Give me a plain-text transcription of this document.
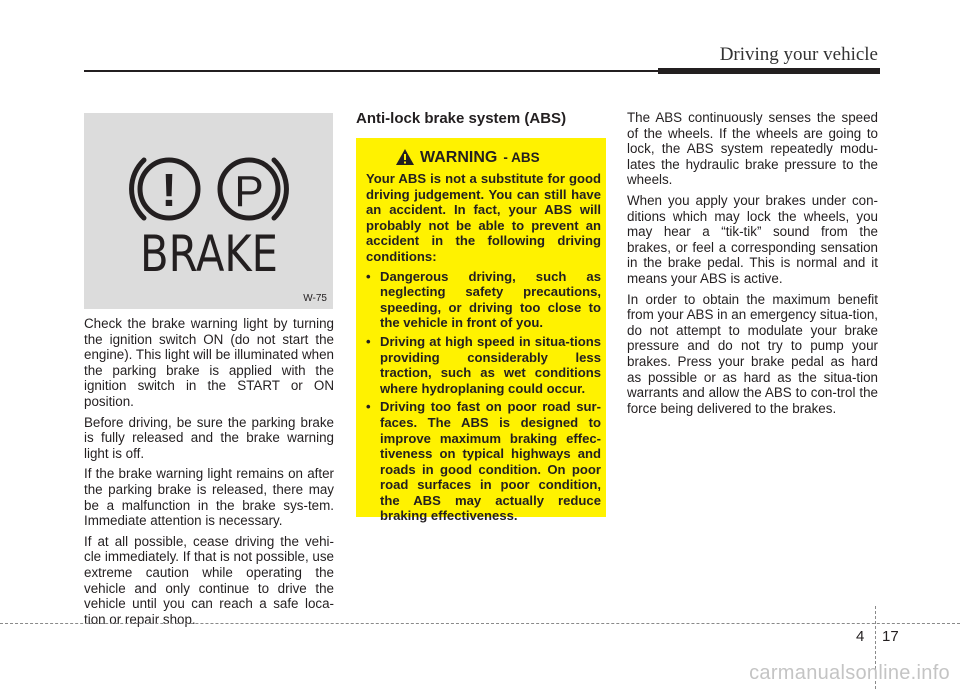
Driving your vehicle
! P
BRAKE
W-75

Check the brake warning light by turning the ignition switch ON (do not start the engine). This light will be illuminated when the parking brake is applied with the ignition switch in the START or ON position.

Before driving, be sure the parking brake is fully released and the brake warning light is off.

If the brake warning light remains on after the parking brake is released, there may be a malfunction in the brake sys-tem. Immediate attention is necessary.

If at all possible, cease driving the vehi-cle immediately. If that is not possible, use extreme caution while operating the vehicle and only continue to drive the vehicle until you can reach a safe loca-tion or repair shop.

Anti-lock brake system (ABS)
WARNING - ABS

Your ABS is not a substitute for good driving judgement. You can still have an accident. In fact, your ABS will probably not be able to prevent an accident in the following driving conditions:

• Dangerous driving, such as neglecting safety precautions, speeding, or driving too close to the vehicle in front of you.
• Driving at high speed in situa-tions providing considerably less traction, such as wet conditions where hydroplaning could occur.
• Driving too fast on poor road sur-faces. The ABS is designed to improve maximum braking effec-tiveness on typical highways and roads in good condition. On poor road surfaces in poor condition, the ABS may actually reduce braking effectiveness.

The ABS continuously senses the speed of the wheels. If the wheels are going to lock, the ABS system repeatedly modu-lates the hydraulic brake pressure to the wheels.

When you apply your brakes under con-ditions which may lock the wheels, you may hear a “tik-tik” sound from the brakes, or feel a corresponding sensation in the brake pedal. This is normal and it means your ABS is active.

In order to obtain the maximum benefit from your ABS in an emergency situa-tion, do not attempt to modulate your brake pressure and do not try to pump your brakes. Press your brake pedal as hard as possible or as hard as the situa-tion warrants and allow the ABS to con-trol the force being delivered to the brakes.

4 17
carmanualsonline.info
